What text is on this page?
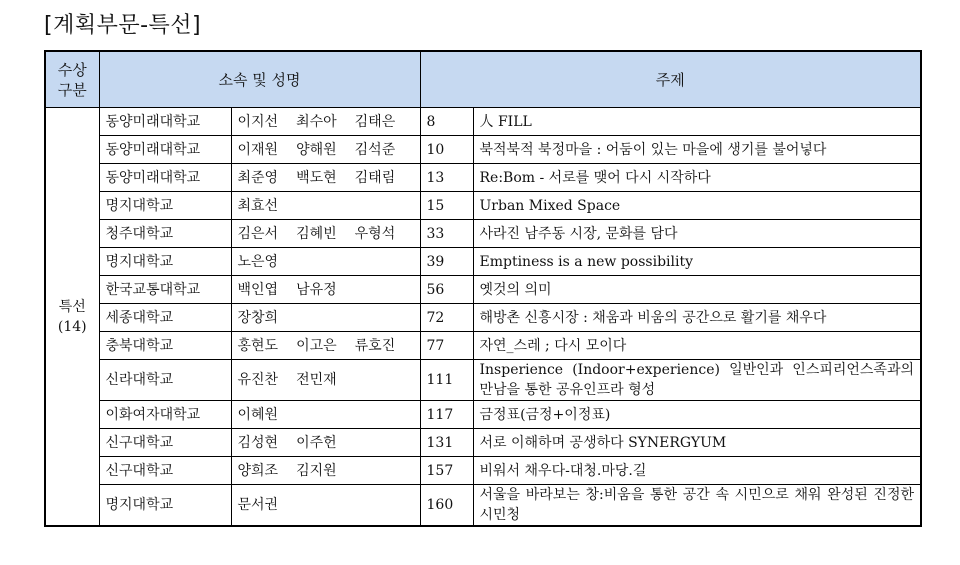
[계획부문-특선]
수상
구분	소속 및 성명		주제	
특선
(14)	동양미래대학교	이지선 최수아 김태은	8	人 FILL

	동양미래대학교	이재원 양해원 김석준	10	북적북적 북정마을 : 어둠이 있는 마을에 생기를 불어넣다

	동양미래대학교	최준영 백도현 김태림	13	Re:Bom - 서로를 맺어 다시 시작하다

	명지대학교	최효선	15	Urban Mixed Space

	청주대학교	김은서 김혜빈 우형석	33	사라진 남주동 시장, 문화를 담다

	명지대학교	노은영	39	Emptiness is a new possibility

	한국교통대학교	백인엽 남유정	56	옛것의 의미

	세종대학교	장창희	72	해방촌 신흥시장 : 채움과 비움의 공간으로 활기를 채우다

	충북대학교	홍현도 이고은 류호진	77	자연_스레 ; 다시 모이다

	신라대학교	유진찬 전민재	111	Insperience (Indoor+experience) 일반인과 인스피리언스족과의 만남을 통한 공유인프라 형성

	이화여자대학교	이혜원	117	금정표(금정+이정표)

	신구대학교	김성현 이주헌	131	서로 이해하며 공생하다 SYNERGYUM

	신구대학교	양희조 김지원	157	비워서 채우다-대청.마당.길

	명지대학교	문서권	160	서울을 바라보는 창:비움을 통한 공간 속 시민으로 채워 완성된 진정한 시민청
